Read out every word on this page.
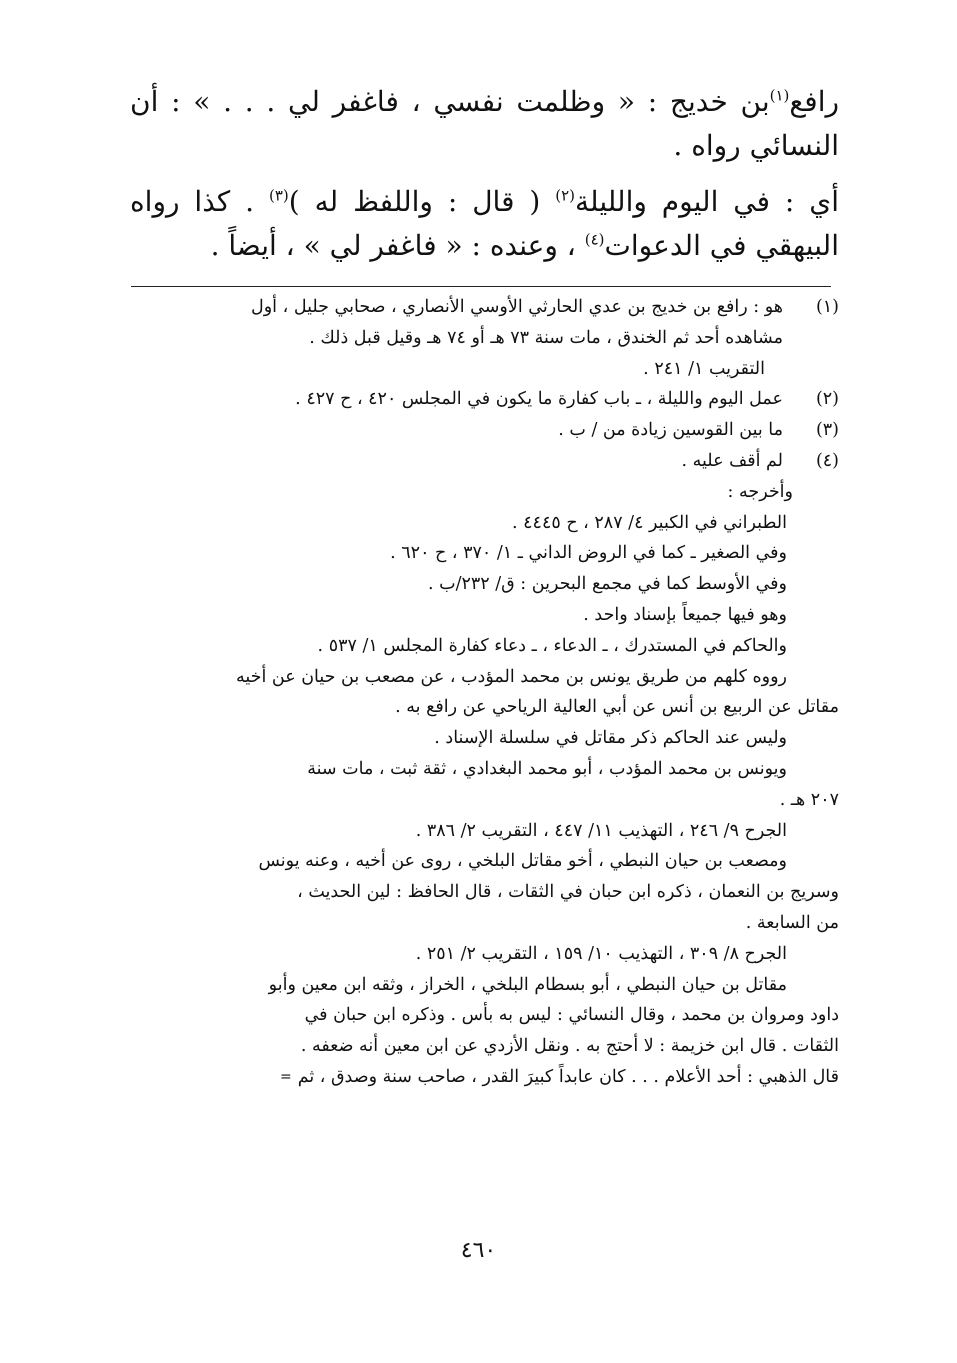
رافع$^{(١)}$بن خديج : « وظلمت نفسي ، فاغفر لي . . . » : أن النسائي رواه .

أي : في اليوم والليلة$^{(٢)}$ ( قال : واللفظ له )$^{(٣)}$ . كذا رواه البيهقي في الدعوات$^{(٤)}$ ، وعنده : « فاغفر لي » ، أيضاً .

(١)
هو : رافع بن خديج بن عدي الحارثي الأوسي الأنصاري ، صحابي جليل ، أول
مشاهده أحد ثم الخندق ، مات سنة ٧٣ هـ أو ٧٤ هـ وقيل قبل ذلك .
التقريب ١/ ٢٤١ .
(٢)
عمل اليوم والليلة ، ـ باب كفارة ما يكون في المجلس ٤٢٠ ، ح ٤٢٧ .
(٣)
ما بين القوسين زيادة من / ب .
(٤)
لم أقف عليه .
وأخرجه :
الطبراني في الكبير ٤/ ٢٨٧ ، ح ٤٤٤٥ .
وفي الصغير ـ كما في الروض الداني ـ ١/ ٣٧٠ ، ح ٦٢٠ .
وفي الأوسط كما في مجمع البحرين : ق/ ٢٣٢/ب .
وهو فيها جميعاً بإسناد واحد .
والحاكم في المستدرك ، ـ الدعاء ، ـ دعاء كفارة المجلس ١/ ٥٣٧ .
رووه كلهم من طريق يونس بن محمد المؤدب ، عن مصعب بن حيان عن أخيه
مقاتل عن الربيع بن أنس عن أبي العالية الرياحي عن رافع به .
وليس عند الحاكم ذكر مقاتل في سلسلة الإسناد .
ويونس بن محمد المؤدب ، أبو محمد البغدادي ، ثقة ثبت ، مات سنة
٢٠٧ هـ .
الجرح ٩/ ٢٤٦ ، التهذيب ١١/ ٤٤٧ ، التقريب ٢/ ٣٨٦ .
ومصعب بن حيان النبطي ، أخو مقاتل البلخي ، روى عن أخيه ، وعنه يونس
وسريج بن النعمان ، ذكره ابن حبان في الثقات ، قال الحافظ : لين الحديث ،
من السابعة .
الجرح ٨/ ٣٠٩ ، التهذيب ١٠/ ١٥٩ ، التقريب ٢/ ٢٥١ .
مقاتل بن حيان النبطي ، أبو بسطام البلخي ، الخراز ، وثقه ابن معين وأبو
داود ومروان بن محمد ، وقال النسائي : ليس به بأس . وذكره ابن حبان في
الثقات . قال ابن خزيمة : لا أحتج به . ونقل الأزدي عن ابن معين أنه ضعفه .
قال الذهبي : أحد الأعلام . . . كان عابداً كبيرَ القدر ، صاحب سنة وصدق ، ثم=
٤٦٠
